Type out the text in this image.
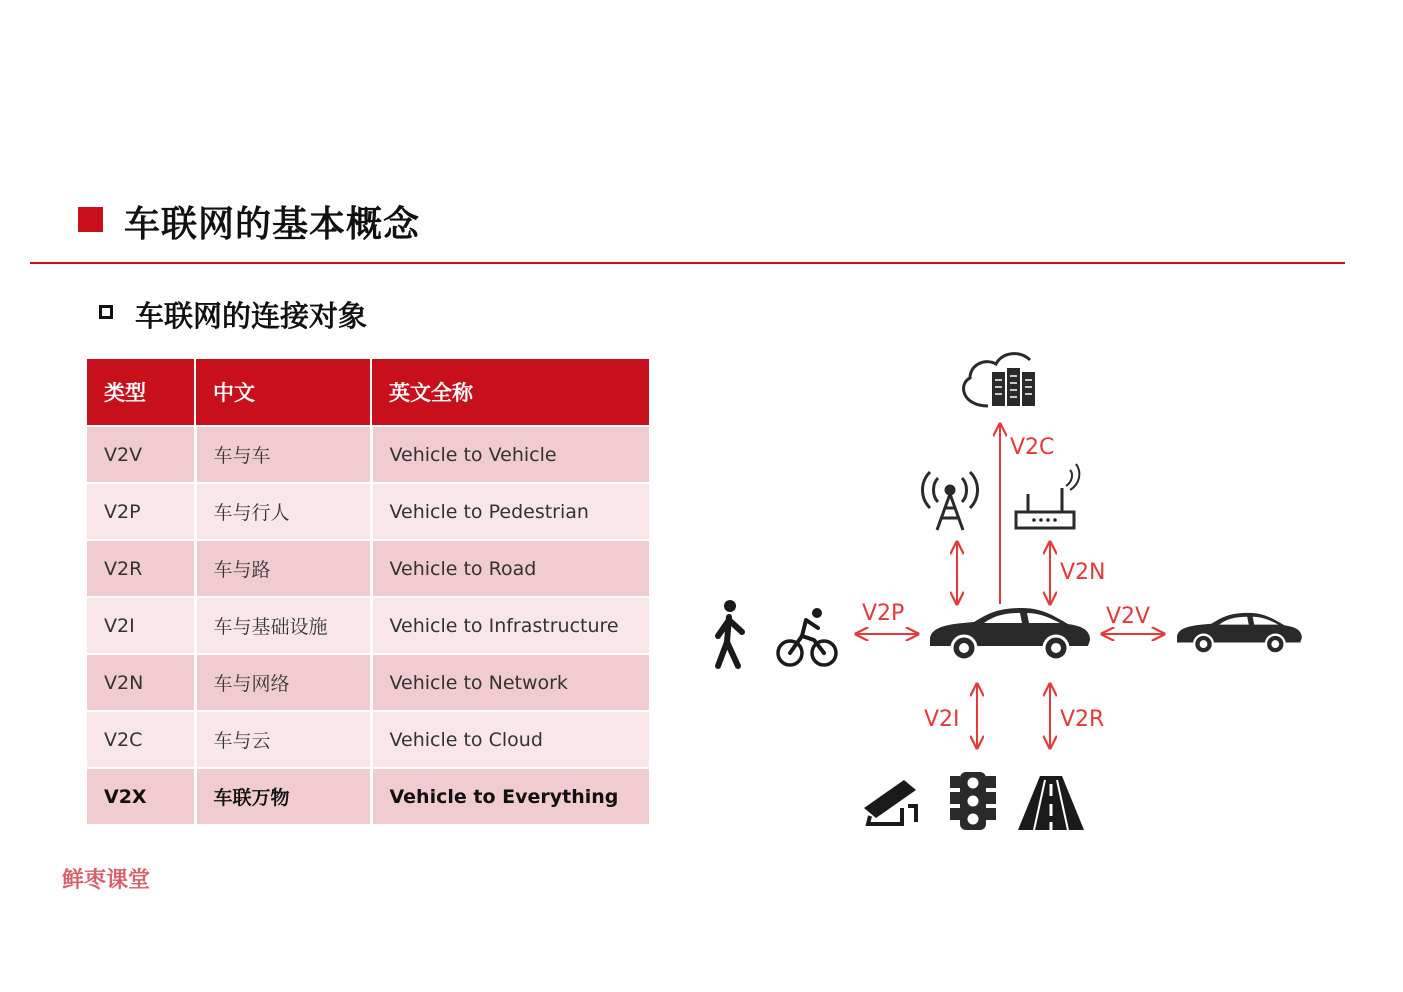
车联网的基本概念
车联网的连接对象
类型	中文	英文全称
V2V	车与车	Vehicle to Vehicle
V2P	车与行人	Vehicle to Pedestrian
V2R	车与路	Vehicle to Road
V2I	车与基础设施	Vehicle to Infrastructure
V2N	车与网络	Vehicle to Network
V2C	车与云	Vehicle to Cloud
V2X	车联万物	Vehicle to Everything
鲜枣课堂
V2C
V2N
V2P	V2V
V2I	V2R
